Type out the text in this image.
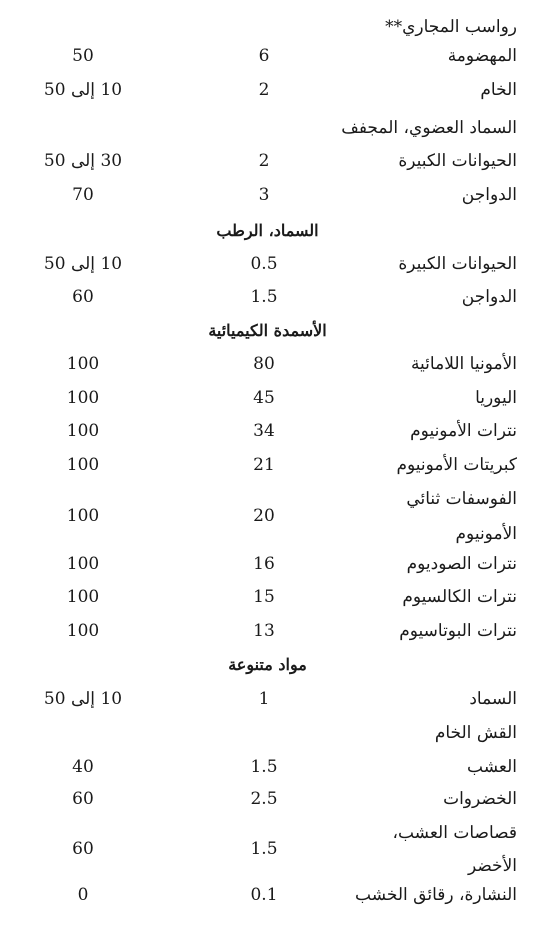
رواسب المجاري**
المهضومة
6
50
الخام
2
10 إلى 50
السماد العضوي، المجفف
الحيوانات الكبيرة
2
30 إلى 50
الدواجن
3
70
السماد، الرطب
الحيوانات الكبيرة
0.5
10 إلى 50
الدواجن
1.5
60
الأسمدة الكيميائية
الأمونيا اللامائية
80
100
اليوريا
45
100
نترات الأمونيوم
34
100
كبريتات الأمونيوم
21
100
الفوسفات ثنائي
الأمونيوم
20
100
نترات الصوديوم
16
100
نترات الكالسيوم
15
100
نترات البوتاسيوم
13
100
مواد متنوعة
السماد
1
10 إلى 50
القش الخام
العشب
1.5
40
الخضروات
2.5
60
قصاصات العشب،
الأخضر
1.5
60
النشارة، رقائق الخشب
0.1
0
